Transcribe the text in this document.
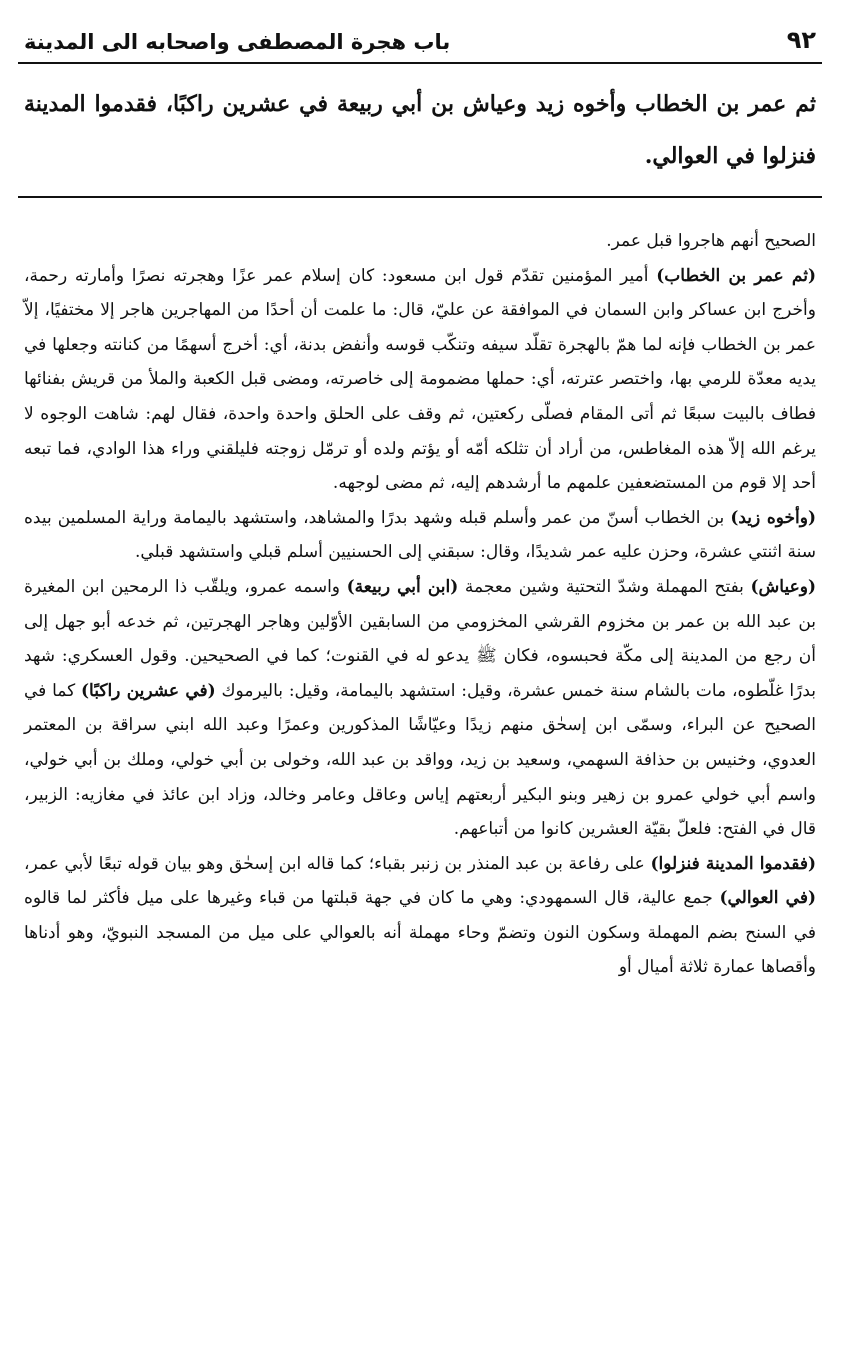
٩٢
باب هجرة المصطفى واصحابه الى المدينة
ثم عمر بن الخطاب وأخوه زيد وعياش بن أبي ربيعة في عشرين راكبًا، فقدموا المدينة فنزلوا في العوالي.

الصحيح أنهم هاجروا قبل عمر.

(ثم عمر بن الخطاب) أمير المؤمنين تقدّم قول ابن مسعود: كان إسلام عمر عزًا وهجرته نصرًا وأمارته رحمة، وأخرج ابن عساكر وابن السمان في الموافقة عن عليّ، قال: ما علمت أن أحدًا من المهاجرين هاجر إلا مختفيًا، إلاّ عمر بن الخطاب فإنه لما همّ بالهجرة تقلّد سيفه وتنكّب قوسه وأنفض بدنة، أي: أخرج أسهمًا من كنانته وجعلها في يديه معدّة للرمي بها، واختصر عترته، أي: حملها مضمومة إلى خاصرته، ومضى قبل الكعبة والملأ من قريش بفنائها فطاف بالبيت سبعًا ثم أتى المقام فصلّى ركعتين، ثم وقف على الحلق واحدة واحدة، فقال لهم: شاهت الوجوه لا يرغم الله إلاّ هذه المغاطس، من أراد أن تثلكه أمّه أو يؤتم ولده أو ترمّل زوجته فليلقني وراء هذا الوادي، فما تبعه أحد إلا قوم من المستضعفين علمهم ما أرشدهم إليه، ثم مضى لوجهه.

(وأخوه زيد) بن الخطاب أسنّ من عمر وأسلم قبله وشهد بدرًا والمشاهد، واستشهد باليمامة وراية المسلمين بيده سنة اثنتي عشرة، وحزن عليه عمر شديدًا، وقال: سبقني إلى الحسنيين أسلم قبلي واستشهد قبلي.

(وعياش) بفتح المهملة وشدّ التحتية وشين معجمة (ابن أبي ربيعة) واسمه عمرو، ويلقّب ذا الرمحين ابن المغيرة بن عبد الله بن عمر بن مخزوم القرشي المخزومي من السابقين الأوّلين وهاجر الهجرتين، ثم خدعه أبو جهل إلى أن رجع من المدينة إلى مكّة فحبسوه، فكان ﷺ يدعو له في القنوت؛ كما في الصحيحين. وقول العسكري: شهد بدرًا غلّطوه، مات بالشام سنة خمس عشرة، وقيل: استشهد باليمامة، وقيل: باليرموك (في عشرين راكبًا) كما في الصحيح عن البراء، وسمّى ابن إسحٰق منهم زيدًا وعيّاشًا المذكورين وعمرًا وعبد الله ابني سراقة بن المعتمر العدوي، وخنيس بن حذافة السهمي، وسعيد بن زيد، وواقد بن عبد الله، وخولى بن أبي خولي، وملك بن أبي خولي، واسم أبي خولي عمرو بن زهير وبنو البكير أربعتهم إياس وعاقل وعامر وخالد، وزاد ابن عائذ في مغازيه: الزبير، قال في الفتح: فلعلّ بقيّة العشرين كانوا من أتباعهم.

(فقدموا المدينة فنزلوا) على رفاعة بن عبد المنذر بن زنبر بقباء؛ كما قاله ابن إسحٰق وهو بيان قوله تبعًا لأبي عمر، (في العوالي) جمع عالية، قال السمهودي: وهي ما كان في جهة قبلتها من قباء وغيرها على ميل فأكثر لما قالوه في السنح بضم المهملة وسكون النون وتضمّ وحاء مهملة أنه بالعوالي على ميل من المسجد النبويّ، وهو أدناها وأقصاها عمارة ثلاثة أميال أو
